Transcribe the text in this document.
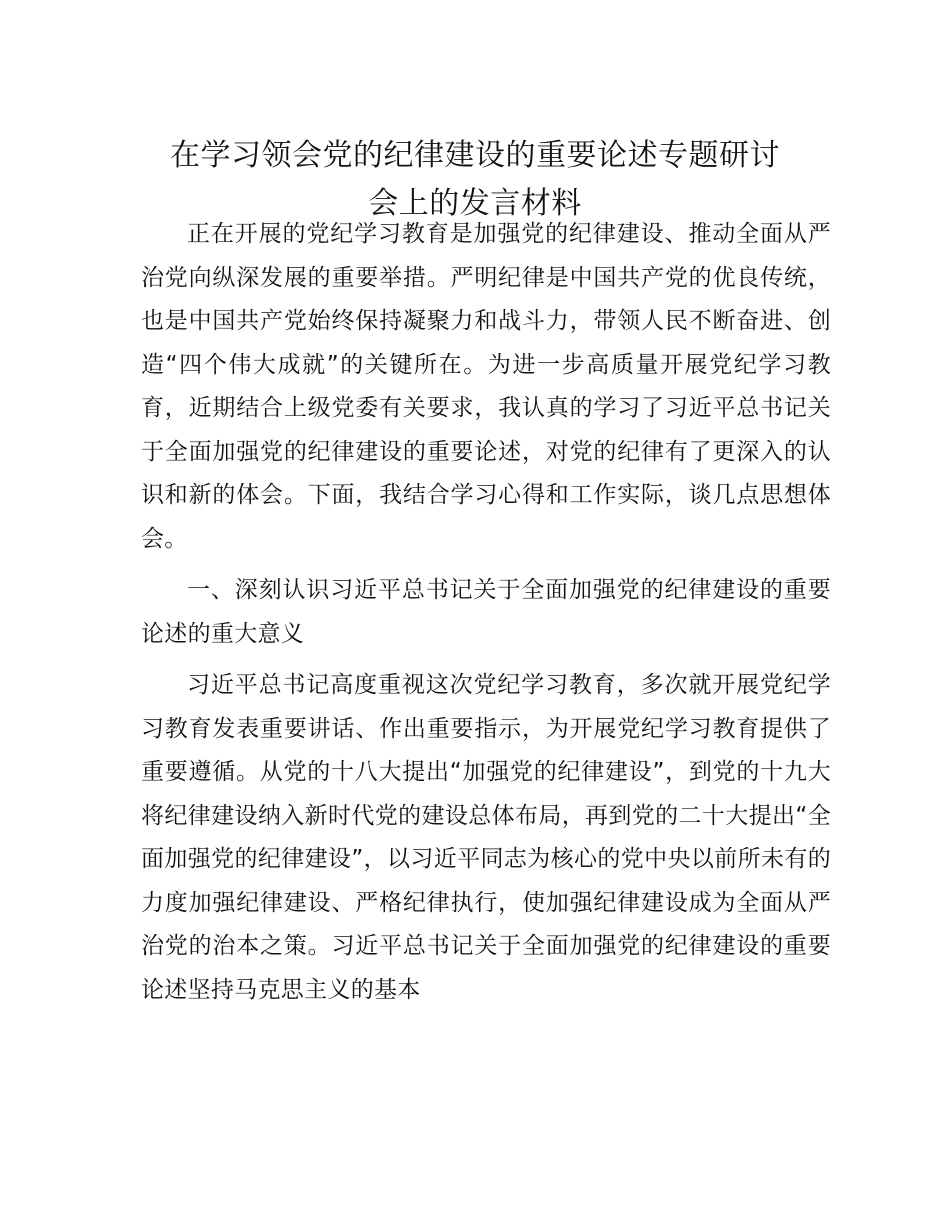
在学习领会党的纪律建设的重要论述专题研讨
会上的发言材料

正在开展的党纪学习教育是加强党的纪律建设、推动全面从严治党向纵深发展的重要举措。严明纪律是中国共产党的优良传统，也是中国共产党始终保持凝聚力和战斗力，带领人民不断奋进、创造“四个伟大成就”的关键所在。为进一步高质量开展党纪学习教育，近期结合上级党委有关要求，我认真的学习了习近平总书记关于全面加强党的纪律建设的重要论述，对党的纪律有了更深入的认识和新的体会。下面，我结合学习心得和工作实际，谈几点思想体会。

一、深刻认识习近平总书记关于全面加强党的纪律建设的重要论述的重大意义

习近平总书记高度重视这次党纪学习教育，多次就开展党纪学习教育发表重要讲话、作出重要指示，为开展党纪学习教育提供了重要遵循。从党的十八大提出“加强党的纪律建设”，到党的十九大将纪律建设纳入新时代党的建设总体布局，再到党的二十大提出“全面加强党的纪律建设”，以习近平同志为核心的党中央以前所未有的力度加强纪律建设、严格纪律执行，使加强纪律建设成为全面从严治党的治本之策。习近平总书记关于全面加强党的纪律建设的重要论述坚持马克思主义的基本
